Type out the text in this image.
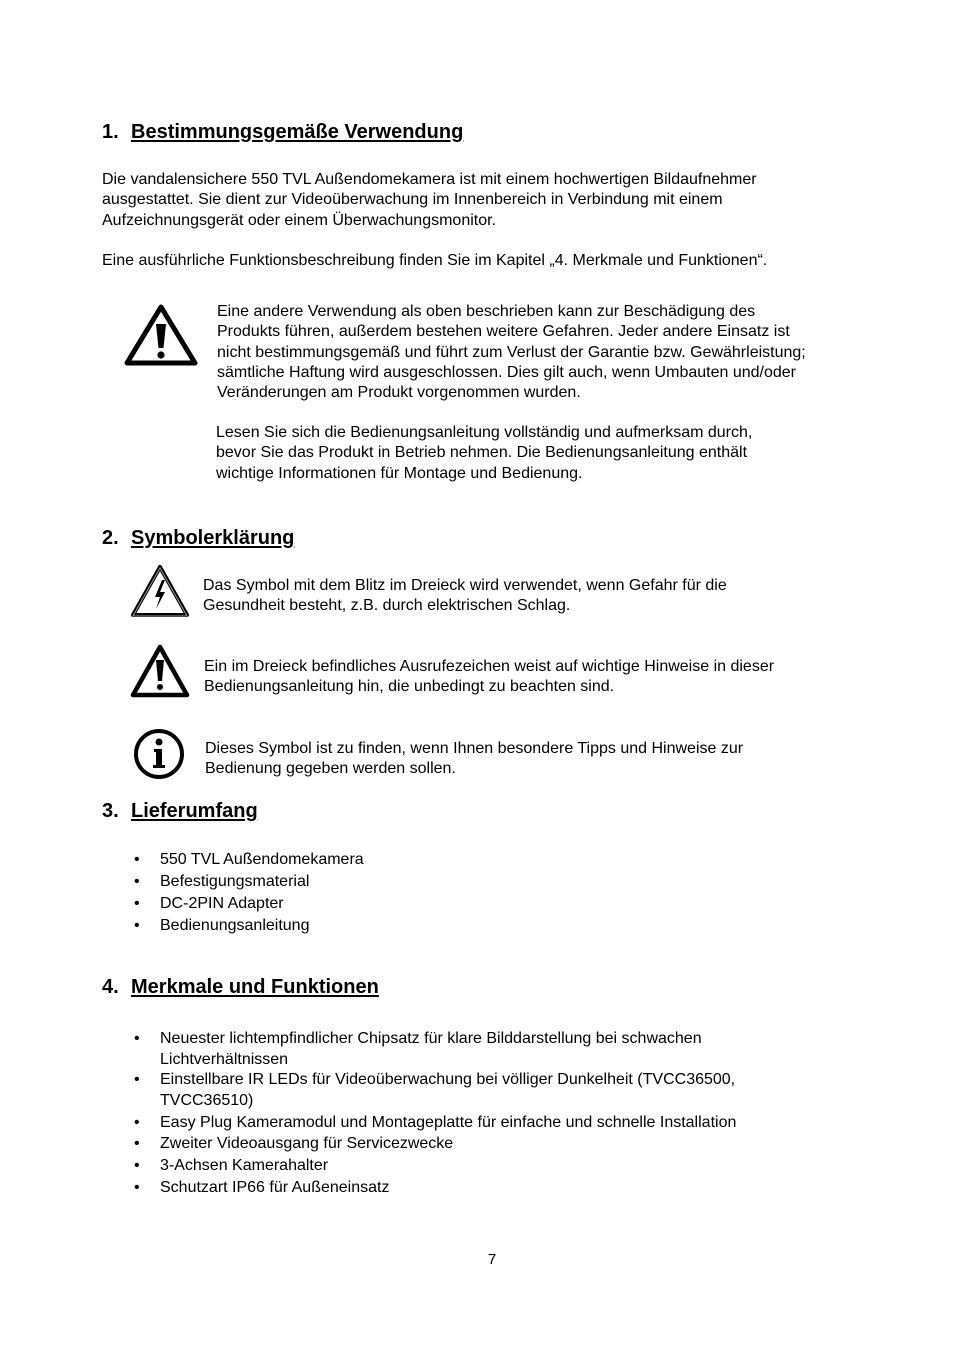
1. Bestimmungsgemäße Verwendung
Die vandalensichere 550 TVL Außendomekamera ist mit einem hochwertigen Bildaufnehmer
ausgestattet. Sie dient zur Videoüberwachung im Innenbereich in Verbindung mit einem
Aufzeichnungsgerät oder einem Überwachungsmonitor.
Eine ausführliche Funktionsbeschreibung finden Sie im Kapitel „4. Merkmale und Funktionen“.
Eine andere Verwendung als oben beschrieben kann zur Beschädigung des
Produkts führen, außerdem bestehen weitere Gefahren. Jeder andere Einsatz ist
nicht bestimmungsgemäß und führt zum Verlust der Garantie bzw. Gewährleistung;
sämtliche Haftung wird ausgeschlossen. Dies gilt auch, wenn Umbauten und/oder
Veränderungen am Produkt vorgenommen wurden.
Lesen Sie sich die Bedienungsanleitung vollständig und aufmerksam durch,
bevor Sie das Produkt in Betrieb nehmen. Die Bedienungsanleitung enthält
wichtige Informationen für Montage und Bedienung.
2. Symbolerklärung
Das Symbol mit dem Blitz im Dreieck wird verwendet, wenn Gefahr für die
Gesundheit besteht, z.B. durch elektrischen Schlag.
Ein im Dreieck befindliches Ausrufezeichen weist auf wichtige Hinweise in dieser
Bedienungsanleitung hin, die unbedingt zu beachten sind.
Dieses Symbol ist zu finden, wenn Ihnen besondere Tipps und Hinweise zur
Bedienung gegeben werden sollen.
3. Lieferumfang
• 550 TVL Außendomekamera
• Befestigungsmaterial
• DC-2PIN Adapter
• Bedienungsanleitung
4. Merkmale und Funktionen
• Neuester lichtempfindlicher Chipsatz für klare Bilddarstellung bei schwachen
Lichtverhältnissen
• Einstellbare IR LEDs für Videoüberwachung bei völliger Dunkelheit (TVCC36500,
TVCC36510)
• Easy Plug Kameramodul und Montageplatte für einfache und schnelle Installation
• Zweiter Videoausgang für Servicezwecke
• 3-Achsen Kamerahalter
• Schutzart IP66 für Außeneinsatz
7
